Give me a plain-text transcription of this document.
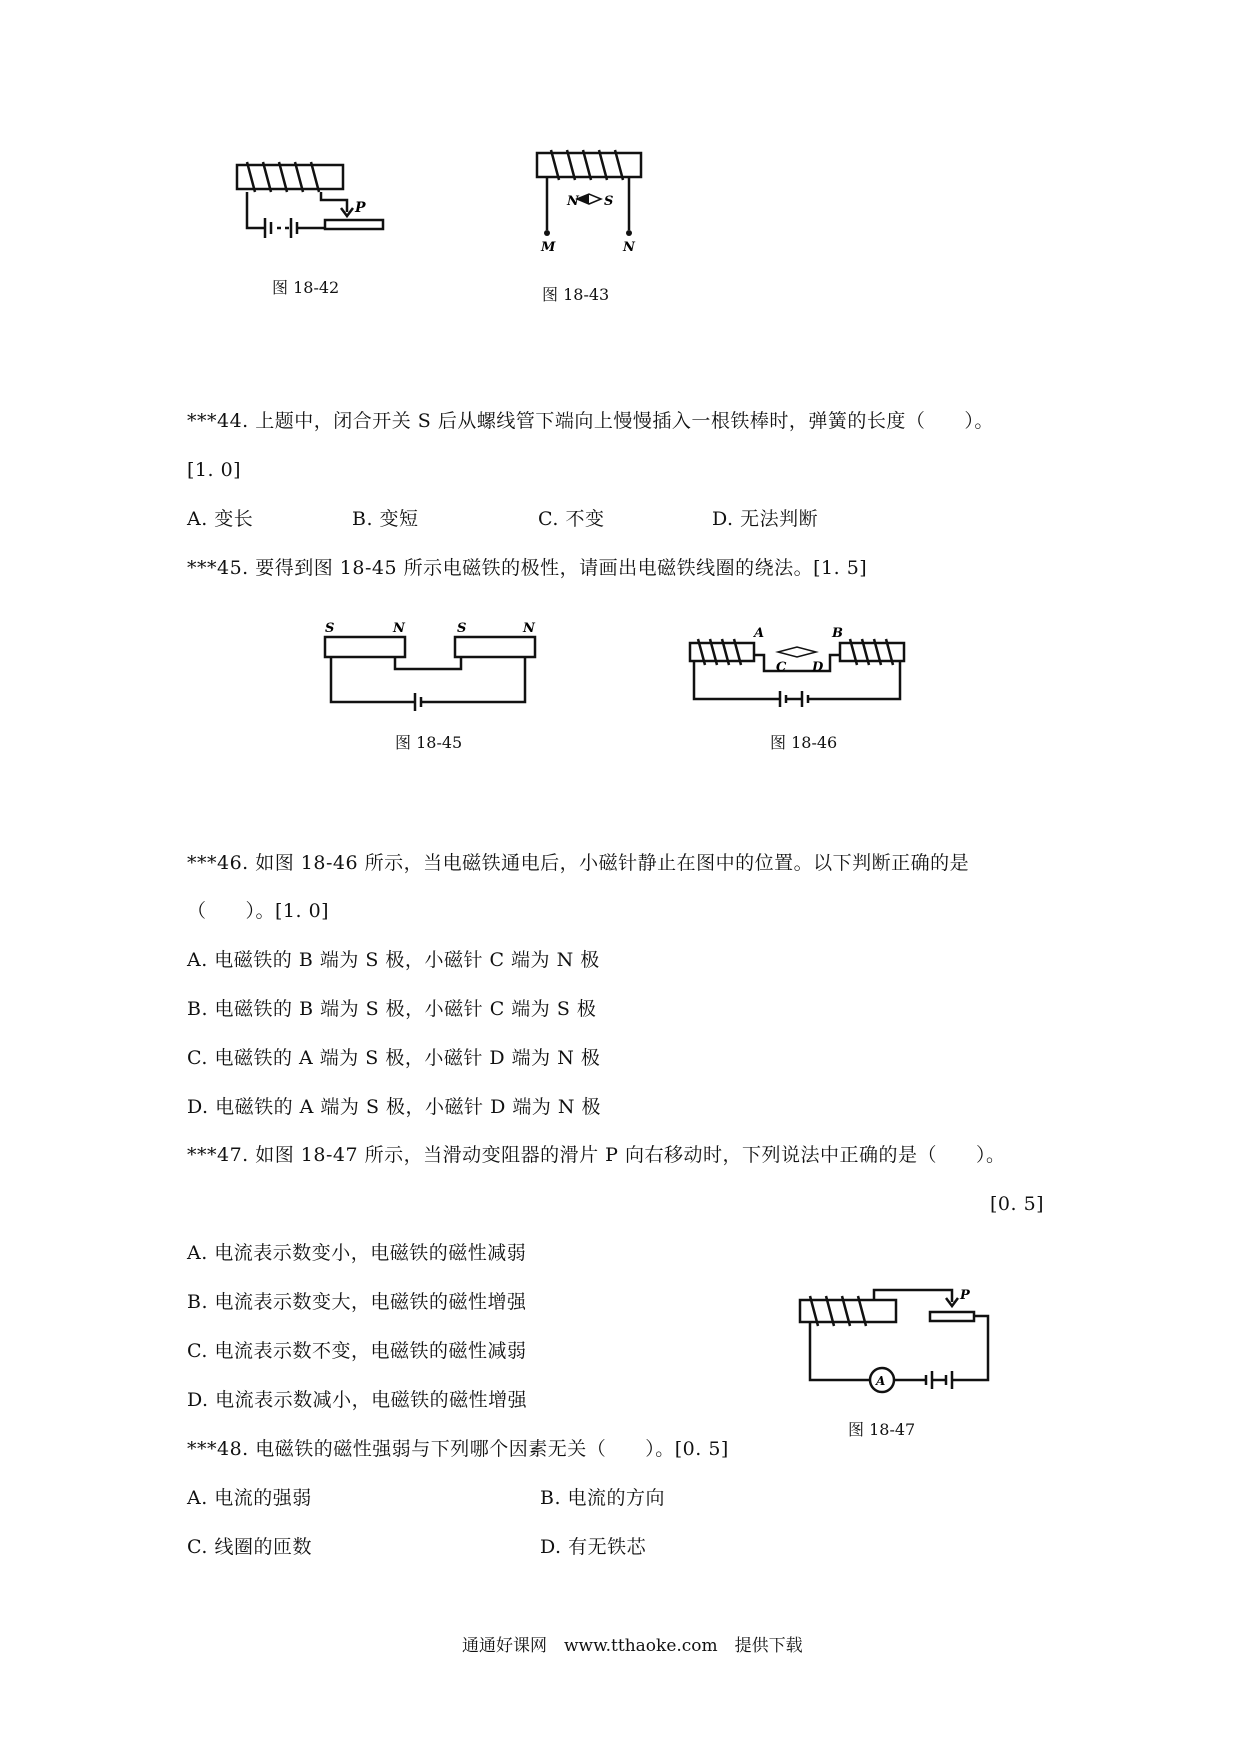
P
图 18-42
N S
M	N
图 18-43
***44. 上题中，闭合开关 S 后从螺线管下端向上慢慢插入一根铁棒时，弹簧的长度（　　）。
[1. 0]
A. 变长	B. 变短	C. 不变	D. 无法判断
***45. 要得到图 18-45 所示电磁铁的极性，请画出电磁铁线圈的绕法。[1. 5]
S	N	S	N
图 18-45
A	B
C D
图 18-46
***46. 如图 18-46 所示，当电磁铁通电后，小磁针静止在图中的位置。以下判断正确的是
（　　）。[1. 0]
A. 电磁铁的 B 端为 S 极，小磁针 C 端为 N 极
B. 电磁铁的 B 端为 S 极，小磁针 C 端为 S 极
C. 电磁铁的 A 端为 S 极，小磁针 D 端为 N 极
D. 电磁铁的 A 端为 S 极，小磁针 D 端为 N 极
***47. 如图 18-47 所示，当滑动变阻器的滑片 P 向右移动时，下列说法中正确的是（　　）。
[0. 5]
A. 电流表示数变小，电磁铁的磁性减弱
B. 电流表示数变大，电磁铁的磁性增强
C. 电流表示数不变，电磁铁的磁性减弱
D. 电流表示数减小，电磁铁的磁性增强
A
P
图 18-47
***48. 电磁铁的磁性强弱与下列哪个因素无关（　　）。[0. 5]
A. 电流的强弱	B. 电流的方向
C. 线圈的匝数	D. 有无铁芯
通通好课网　www.tthaoke.com　提供下载
